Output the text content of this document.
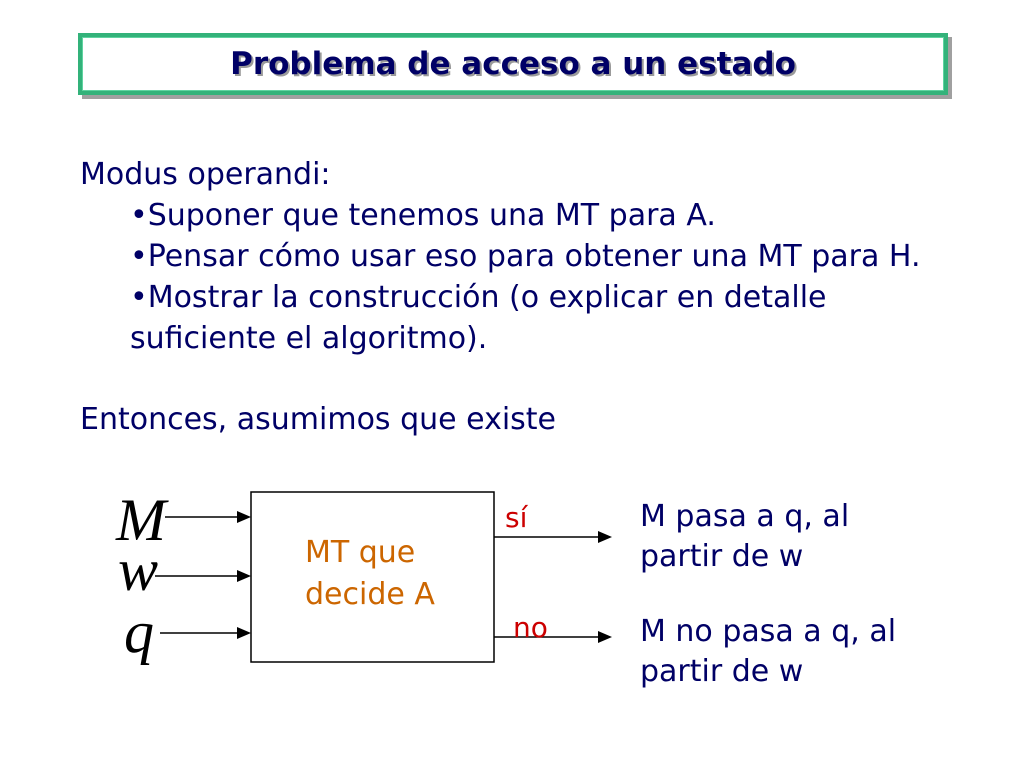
Problema de acceso a un estado
Modus operandi:
•Suponer que tenemos una MT para A.
•Pensar cómo usar eso para obtener una MT para H.
•Mostrar la construcción (o explicar en detalle
suficiente el algoritmo).
Entonces, asumimos que existe
M
w
q
MT que
decide A
sí
no
M pasa a q, al
partir de w
M no pasa a q, al
partir de w
